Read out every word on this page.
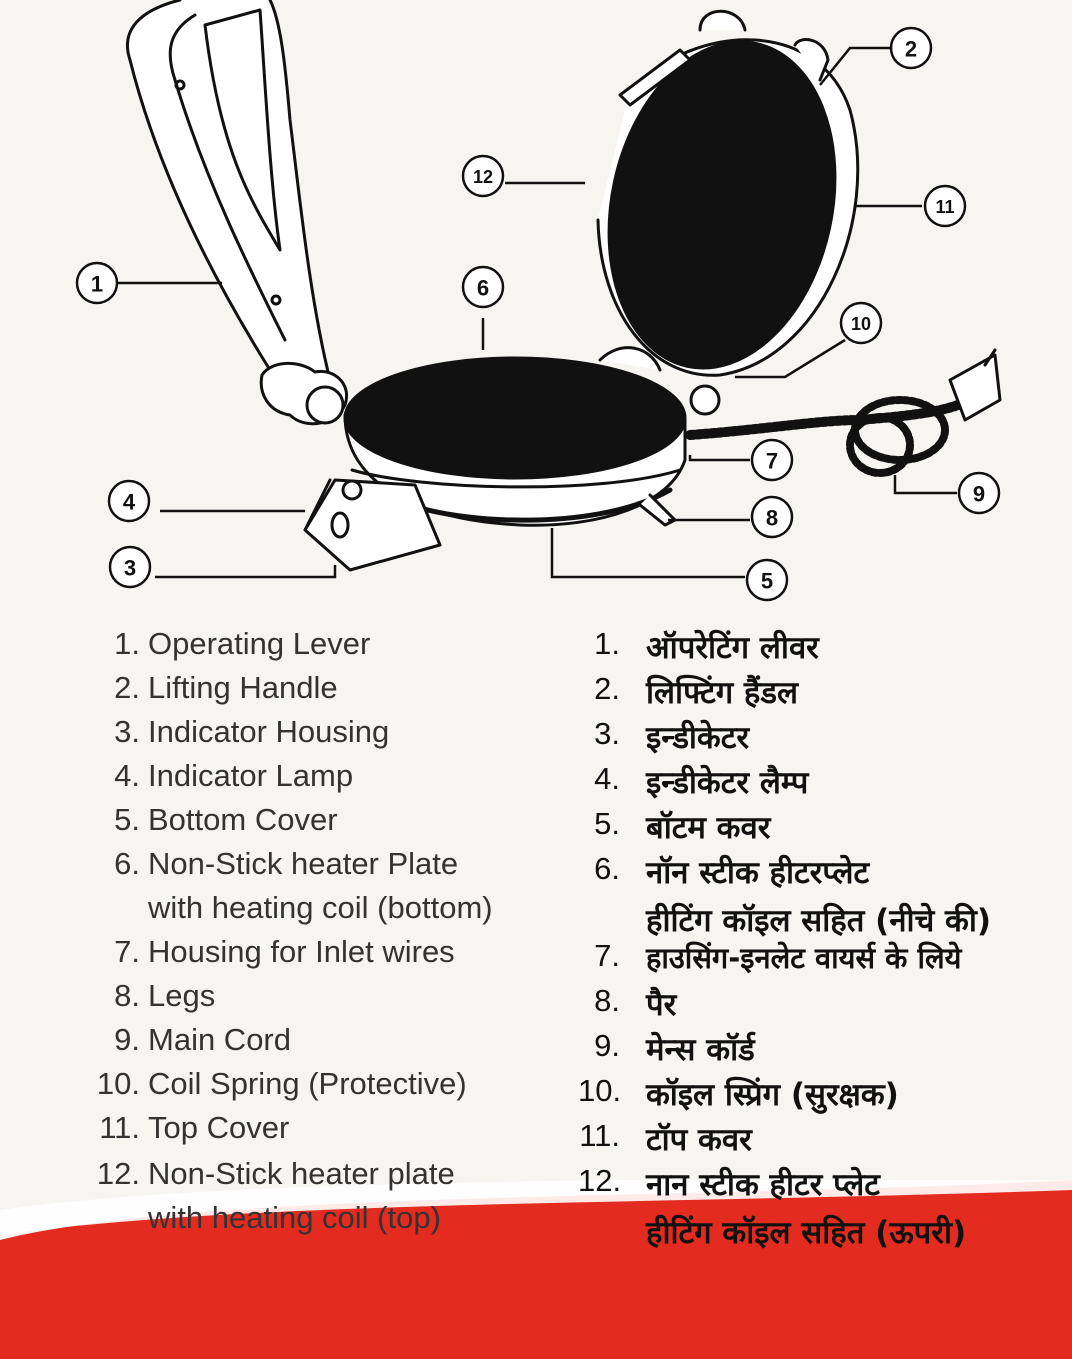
1
2
3
4
5
6
7
8
9
10
11
12
1. Operating Lever
2. Lifting Handle
3. Indicator Housing
4. Indicator Lamp
5. Bottom Cover
6. Non-Stick heater Plate
with heating coil (bottom)
7. Housing for Inlet wires
8. Legs
9. Main Cord
10. Coil Spring (Protective)
11. Top Cover
12. Non-Stick heater plate
with heating coil (top)
1. ऑपरेटिंग लीवर
2. लिफ्टिंग हैंडल
3. इन्डीकेटर
4. इन्डीकेटर लैम्प
5. बॉटम कवर
6. नॉन स्टीक हीटरप्लेट
हीटिंग कॉइल सहित (नीचे की)
7. हाउसिंग-इनलेट वायर्स के लिये
8. पैर
9. मेन्स कॉर्ड
10. कॉइल स्प्रिंग (सुरक्षक)
11. टॉप कवर
12. नान स्टीक हीटर प्लेट
हीटिंग कॉइल सहित (ऊपरी)
